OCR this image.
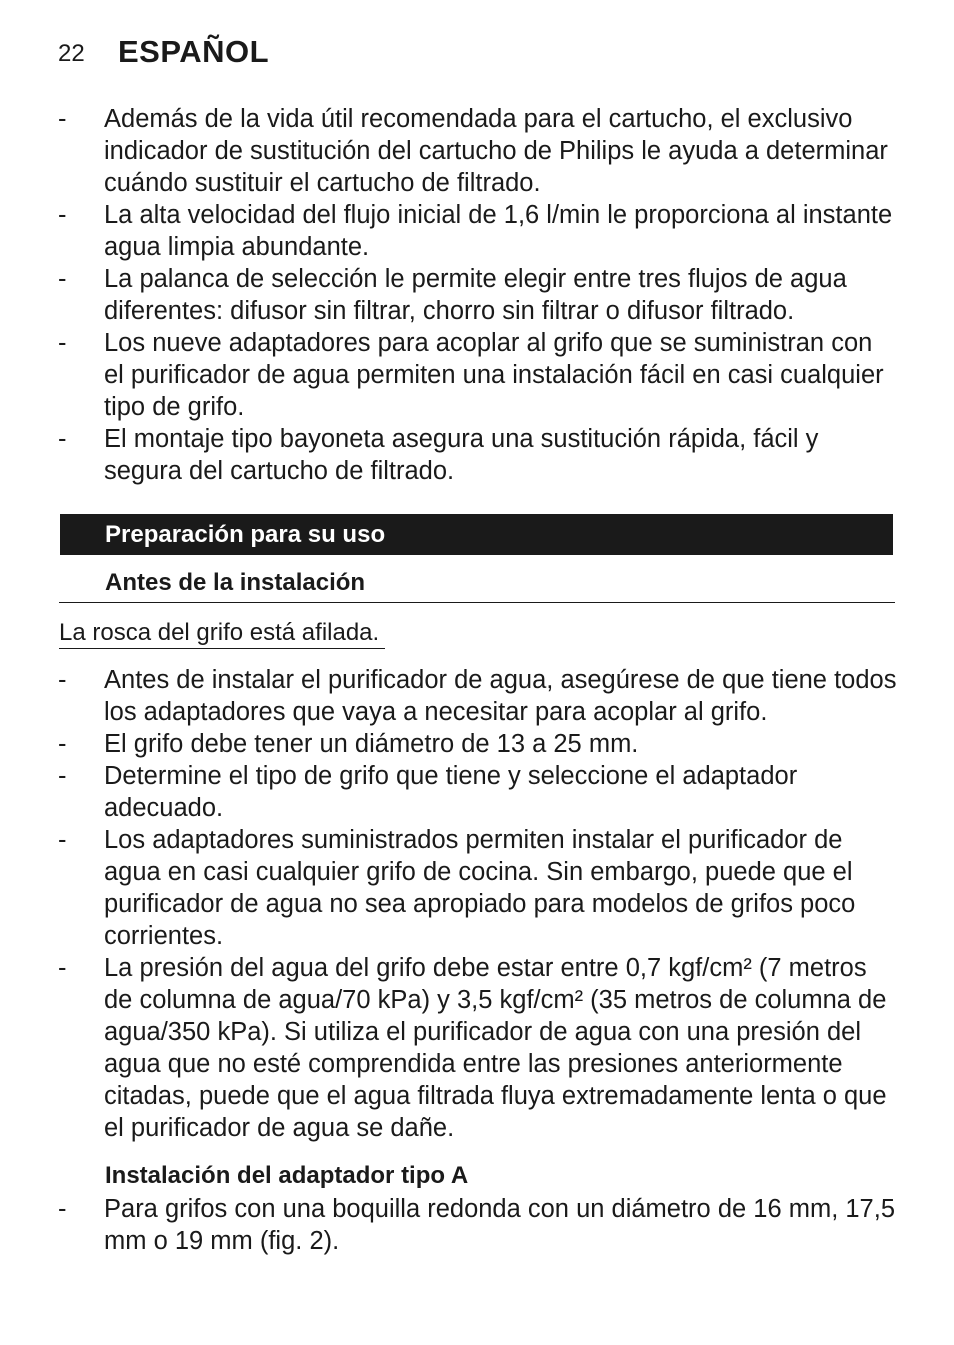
22 ESPAÑOL
- Además de la vida útil recomendada para el cartucho, el exclusivo indicador de sustitución del cartucho de Philips le ayuda a determinar cuándo sustituir el cartucho de filtrado.
- La alta velocidad del flujo inicial de 1,6 l/min le proporciona al instante agua limpia abundante.
- La palanca de selección le permite elegir entre tres flujos de agua diferentes: difusor sin filtrar, chorro sin filtrar o difusor filtrado.
- Los nueve adaptadores para acoplar al grifo que se suministran con el purificador de agua permiten una instalación fácil en casi cualquier tipo de grifo.
- El montaje tipo bayoneta asegura una sustitución rápida, fácil y segura del cartucho de filtrado.
Preparación para su uso
Antes de la instalación
La rosca del grifo está afilada.
- Antes de instalar el purificador de agua, asegúrese de que tiene todos los adaptadores que vaya a necesitar para acoplar al grifo.
- El grifo debe tener un diámetro de 13 a 25 mm.
- Determine el tipo de grifo que tiene y seleccione el adaptador adecuado.
- Los adaptadores suministrados permiten instalar el purificador de agua en casi cualquier grifo de cocina. Sin embargo, puede que el purificador de agua no sea apropiado para modelos de grifos poco corrientes.
- La presión del agua del grifo debe estar entre 0,7 kgf/cm² (7 metros de columna de agua/70 kPa) y 3,5 kgf/cm² (35 metros de columna de agua/350 kPa). Si utiliza el purificador de agua con una presión del agua que no esté comprendida entre las presiones anteriormente citadas, puede que el agua filtrada fluya extremadamente lenta o que el purificador de agua se dañe.
Instalación del adaptador tipo A
- Para grifos con una boquilla redonda con un diámetro de 16 mm, 17,5 mm o 19 mm (fig. 2).
